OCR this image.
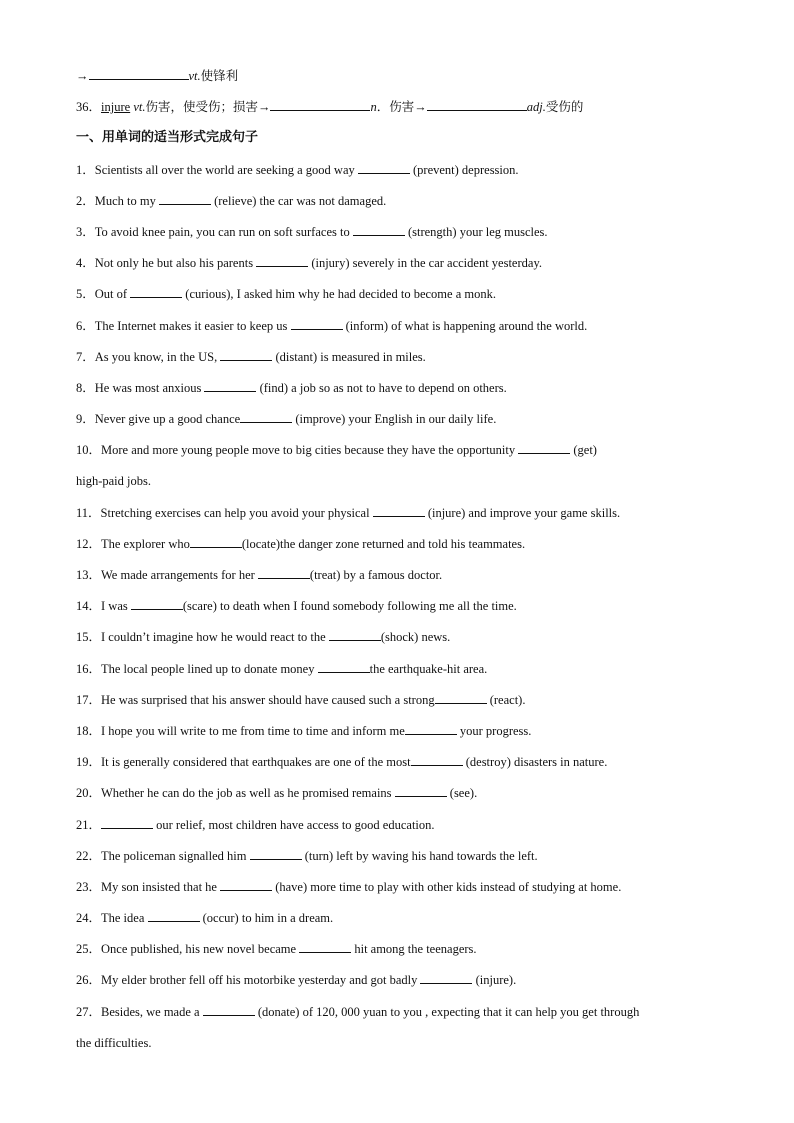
→	vt.使锋利
36．injure vt.伤害，使受伤；损害→	n．伤害→	adj.受伤的
一、用单词的适当形式完成句子
1．Scientists all over the world are seeking a good way	(prevent) depression.
2．Much to my	(relieve) the car was not damaged.
3．To avoid knee pain, you can run on soft surfaces to	(strength) your leg muscles.
4．Not only he but also his parents	(injury) severely in the car accident yesterday.
5．Out of	(curious), I asked him why he had decided to become a monk.
6．The Internet makes it easier to keep us	(inform) of what is happening around the world.
7．As you know, in the US,	(distant) is measured in miles.
8．He was most anxious	(find) a job so as not to have to depend on others.
9．Never give up a good chance	(improve) your English in our daily life.
10．More and more young people move to big cities because they have the opportunity	(get)
high-paid jobs.
11．Stretching exercises can help you avoid your physical	(injure) and improve your game skills.
12．The explorer who	(locate)the danger zone returned and told his teammates.
13．We made arrangements for her	(treat) by a famous doctor.
14．I was	(scare) to death when I found somebody following me all the time.
15．I couldn’t imagine how he would react to the	(shock) news.
16．The local people lined up to donate money	the earthquake-hit area.
17．He was surprised that his answer should have caused such a strong	(react).
18．I hope you will write to me from time to time and inform me	your progress.
19．It is generally considered that earthquakes are one of the most	(destroy) disasters in nature.
20．Whether he can do the job as well as he promised remains	(see).
21．	our relief, most children have access to good education.
22．The policeman signalled him	(turn) left by waving his hand towards the left.
23．My son insisted that he	(have) more time to play with other kids instead of studying at home.
24．The idea	(occur) to him in a dream.
25．Once published, his new novel became	hit among the teenagers.
26．My elder brother fell off his motorbike yesterday and got badly	(injure).
27．Besides, we made a	(donate) of 120, 000 yuan to you , expecting that it can help you get through
the difficulties.
